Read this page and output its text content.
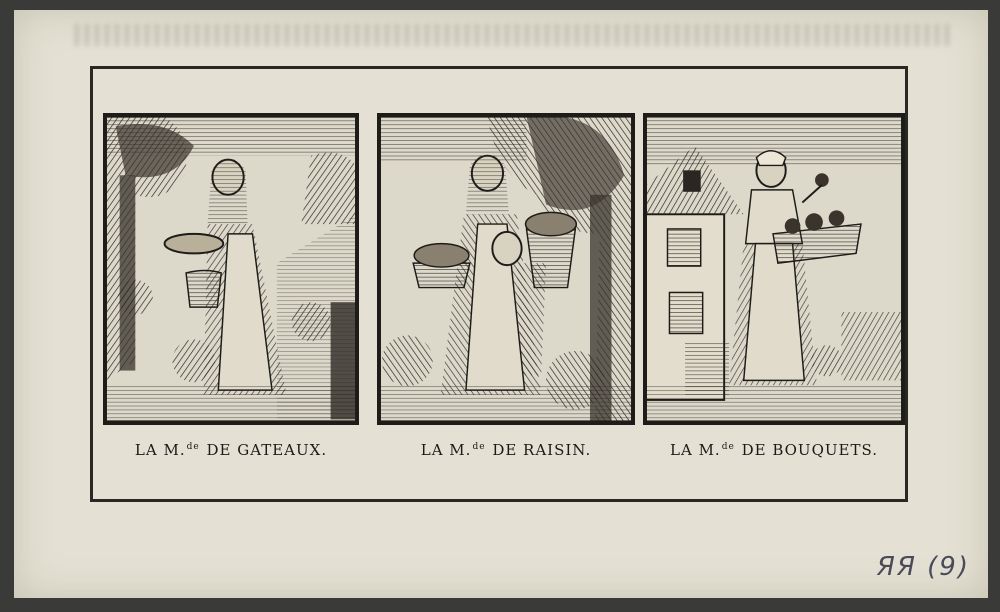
LA M.$^{de}$ DE GATEAUX.	LA M.$^{de}$ DE RAISIN.	LA M.$^{de}$ DE BOUQUETS.
ЯЯ (9)
